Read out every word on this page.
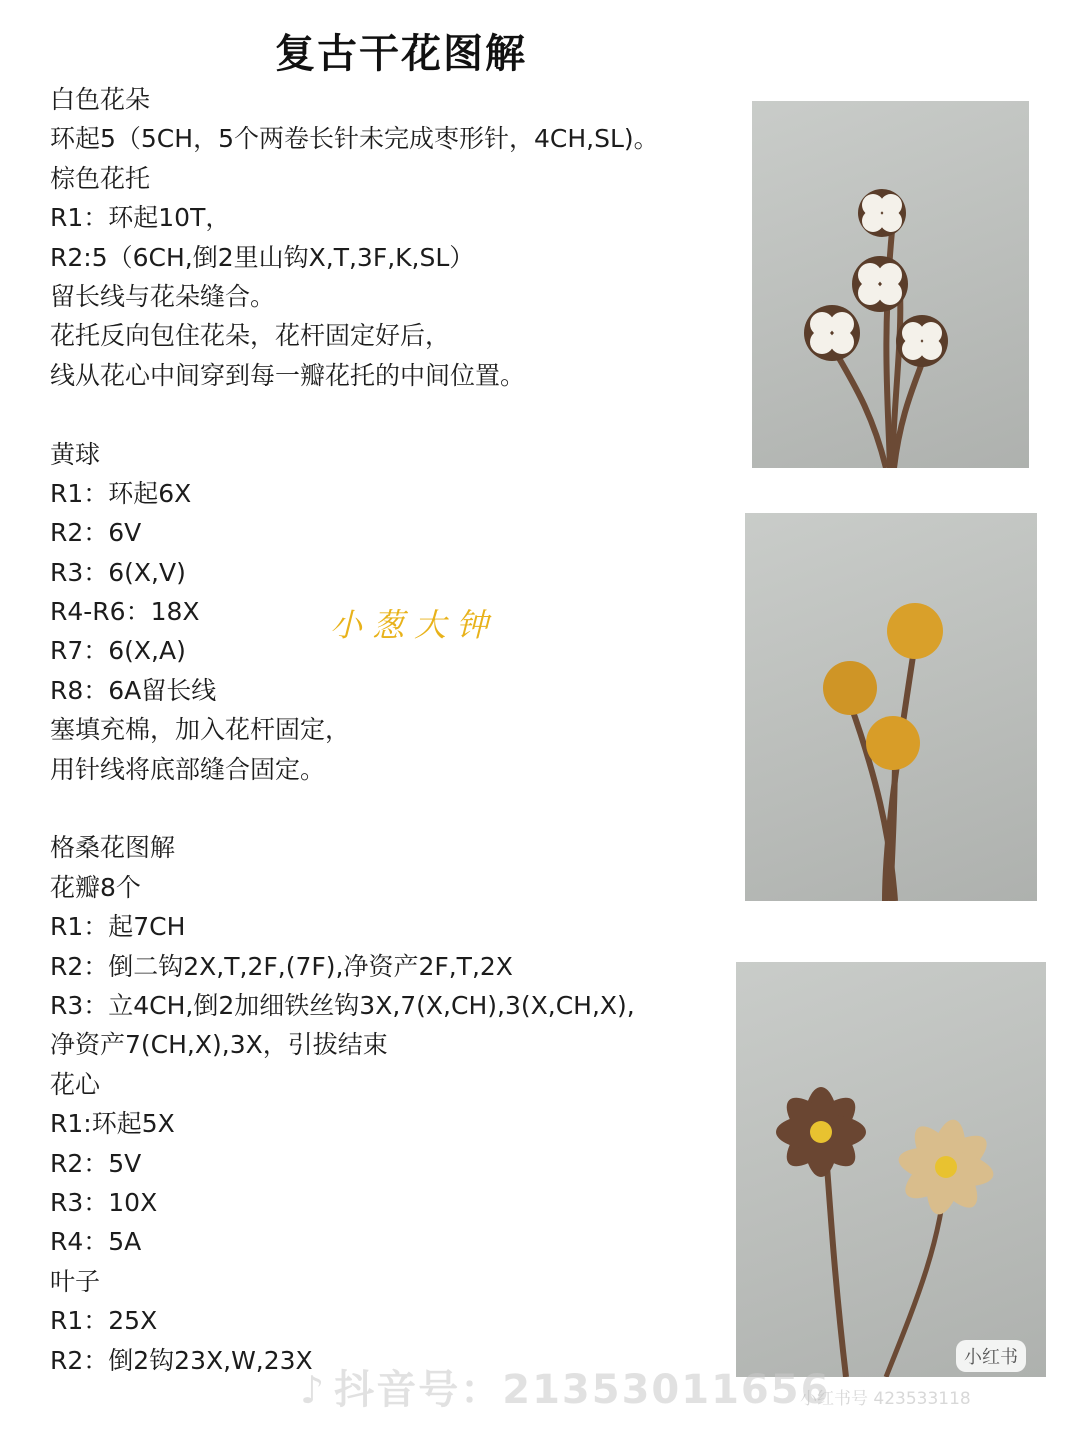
复古干花图解
白色花朵
环起5（5CH，5个两卷长针未完成枣形针，4CH,SL)。
棕色花托
R1：环起10T，
R2:5（6CH,倒2里山钩X,T,3F,K,SL）
留长线与花朵缝合。
花托反向包住花朵，花杆固定好后，
线从花心中间穿到每一瓣花托的中间位置。
黄球
R1：环起6X
R2：6V
R3：6(X,V)
R4-R6：18X
R7：6(X,A)
R8：6A留长线
塞填充棉，加入花杆固定，
用针线将底部缝合固定。
格桑花图解
花瓣8个
R1：起7CH
R2：倒二钩2X,T,2F,(7F),净资产2F,T,2X
R3：立4CH,倒2加细铁丝钩3X,7(X,CH),3(X,CH,X),
净资产7(CH,X),3X，引拔结束
花心
R1:环起5X
R2：5V
R3：10X
R4：5A
叶子
R1：25X
R2：倒2钩23X,W,23X
小葱大钟
小红书
♪ 抖音号：21353011656
小红书号 423533118
